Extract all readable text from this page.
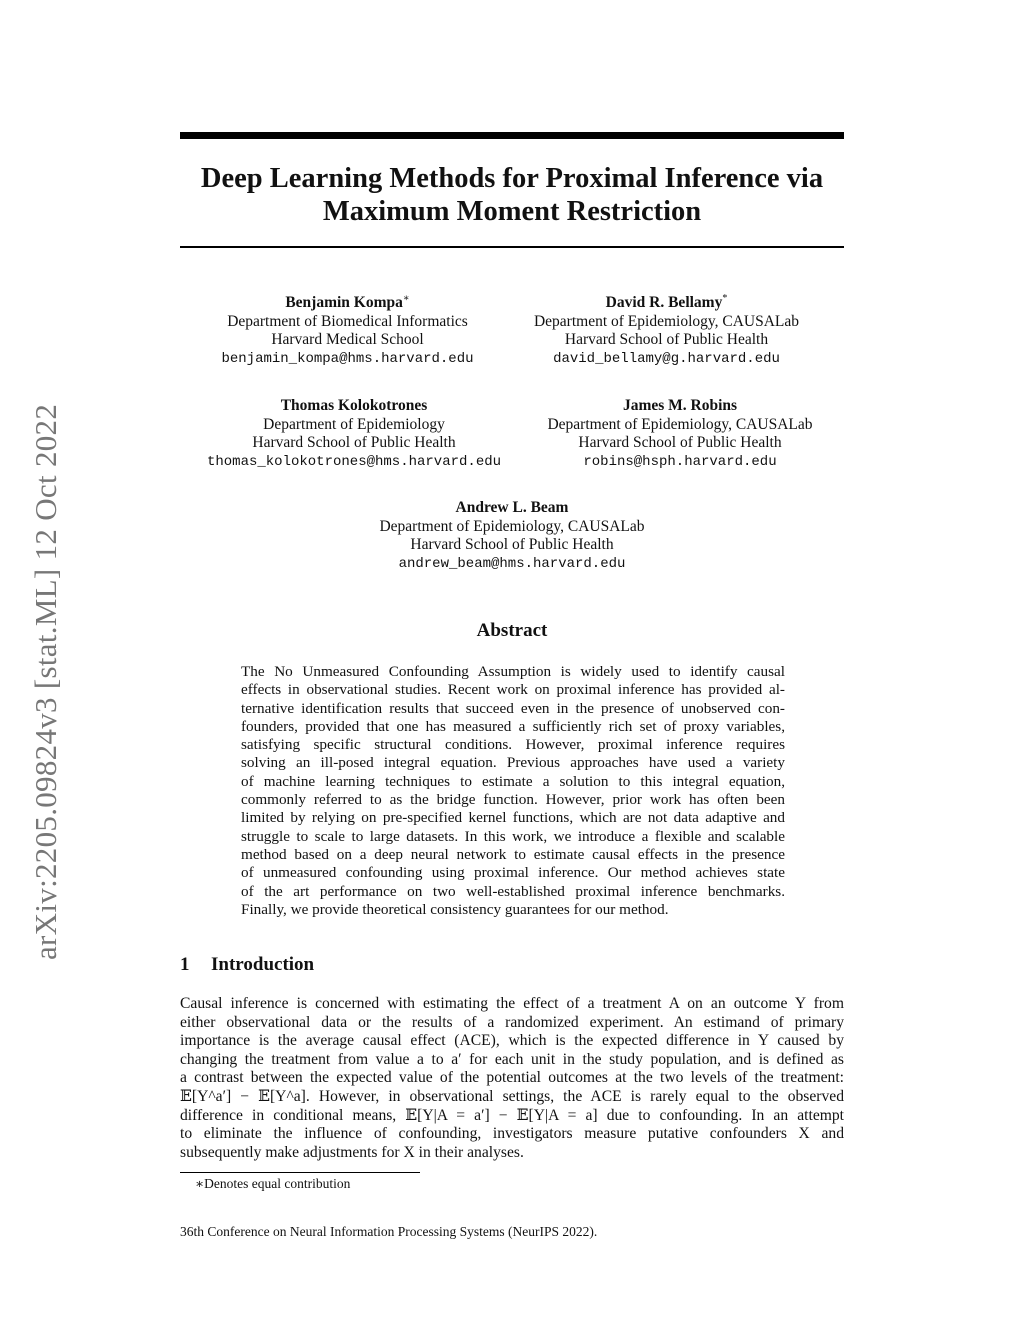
Deep Learning Methods for Proximal Inference via
Maximum Moment Restriction
arXiv:2205.09824v3 [stat.ML] 12 Oct 2022
Benjamin Kompa∗
Department of Biomedical Informatics
Harvard Medical School
benjamin_kompa@hms.harvard.edu
David R. Bellamy*
Department of Epidemiology, CAUSALab
Harvard School of Public Health
david_bellamy@g.harvard.edu
Thomas Kolokotrones
Department of Epidemiology
Harvard School of Public Health
thomas_kolokotrones@hms.harvard.edu
James M. Robins
Department of Epidemiology, CAUSALab
Harvard School of Public Health
robins@hsph.harvard.edu
Andrew L. Beam
Department of Epidemiology, CAUSALab
Harvard School of Public Health
andrew_beam@hms.harvard.edu
Abstract
The No Unmeasured Confounding Assumption is widely used to identify causal
effects in observational studies. Recent work on proximal inference has provided al-
ternative identification results that succeed even in the presence of unobserved con-
founders, provided that one has measured a sufficiently rich set of proxy variables,
satisfying specific structural conditions. However, proximal inference requires
solving an ill-posed integral equation. Previous approaches have used a variety
of machine learning techniques to estimate a solution to this integral equation,
commonly referred to as the bridge function. However, prior work has often been
limited by relying on pre-specified kernel functions, which are not data adaptive and
struggle to scale to large datasets. In this work, we introduce a flexible and scalable
method based on a deep neural network to estimate causal effects in the presence
of unmeasured confounding using proximal inference. Our method achieves state
of the art performance on two well-established proximal inference benchmarks.
Finally, we provide theoretical consistency guarantees for our method.
1 Introduction
Causal inference is concerned with estimating the effect of a treatment A on an outcome Y from
either observational data or the results of a randomized experiment. An estimand of primary
importance is the average causal effect (ACE), which is the expected difference in Y caused by
changing the treatment from value a to a′ for each unit in the study population, and is defined as
a contrast between the expected value of the potential outcomes at the two levels of the treatment:
𝔼[Y^a′] − 𝔼[Y^a]. However, in observational settings, the ACE is rarely equal to the observed
difference in conditional means, 𝔼[Y|A = a′] − 𝔼[Y|A = a] due to confounding. In an attempt
to eliminate the influence of confounding, investigators measure putative confounders X and
subsequently make adjustments for X in their analyses.
∗Denotes equal contribution
36th Conference on Neural Information Processing Systems (NeurIPS 2022).
